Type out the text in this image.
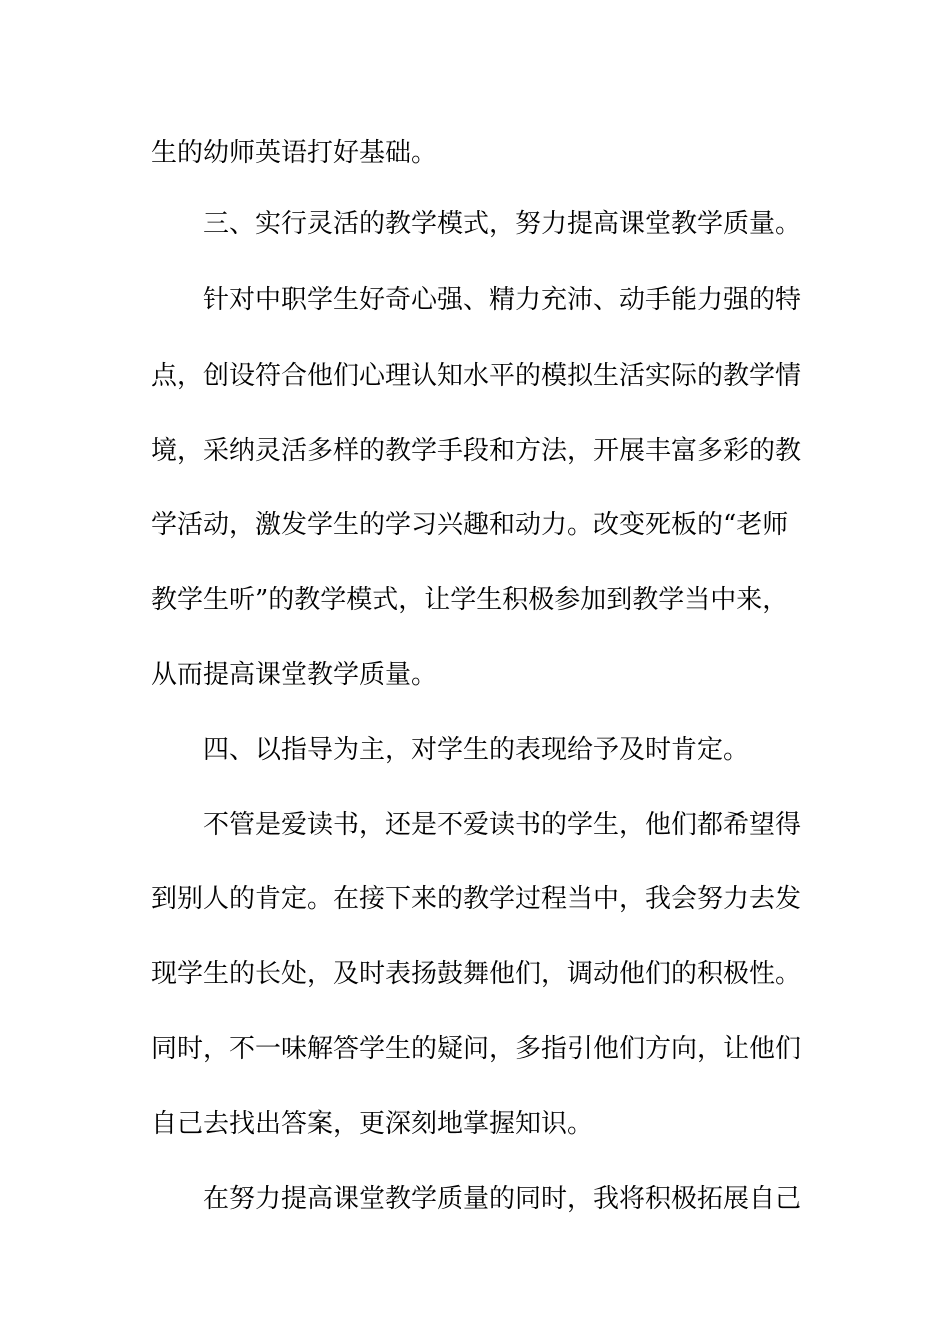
生的幼师英语打好基础。
三、实行灵活的教学模式，努力提高课堂教学质量。
针对中职学生好奇心强、精力充沛、动手能力强的特
点，创设符合他们心理认知水平的模拟生活实际的教学情
境，采纳灵活多样的教学手段和方法，开展丰富多彩的教
学活动，激发学生的学习兴趣和动力。改变死板的“老师
教学生听”的教学模式，让学生积极参加到教学当中来，
从而提高课堂教学质量。
四、以指导为主，对学生的表现给予及时肯定。
不管是爱读书，还是不爱读书的学生，他们都希望得
到别人的肯定。在接下来的教学过程当中，我会努力去发
现学生的长处，及时表扬鼓舞他们，调动他们的积极性。
同时，不一味解答学生的疑问，多指引他们方向，让他们
自己去找出答案，更深刻地掌握知识。
在努力提高课堂教学质量的同时，我将积极拓展自己
